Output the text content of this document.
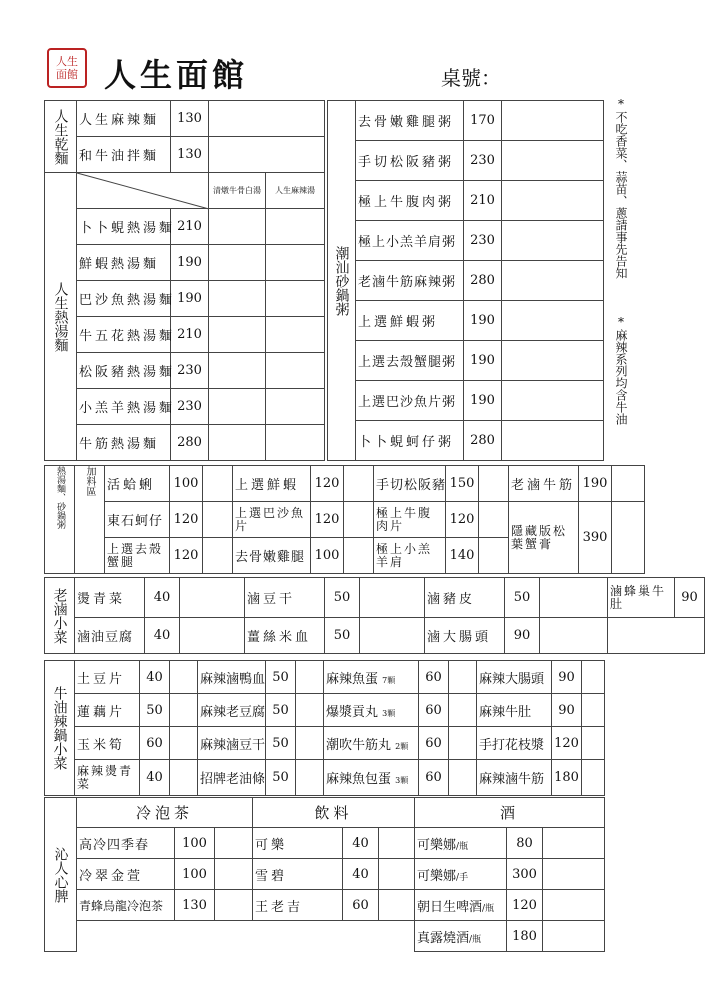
人生
面館 人生面館	桌號：
*不吃香菜、蒜苗、蔥請事先告知  *麻辣系列均含牛油
人生乾麵	人生麻辣麵	130		
	和牛油拌麵	130		
人生熱湯麵			清燉牛骨白湯	人生麻辣湯
	卜卜蜆熱湯麵	210		
	鮮蝦熱湯麵	190		
	巴沙魚熱湯麵	190		
	牛五花熱湯麵	210		
	松阪豬熱湯麵	230		
	小羔羊熱湯麵	230		
	牛筋熱湯麵	280		
潮汕砂鍋粥	去骨嫩雞腿粥	170	
	手切松阪豬粥	230	
	極上牛腹肉粥	210	
	極上小羔羊肩粥	230	
	老滷牛筋麻辣粥	280	
	上選鮮蝦粥	190	
	上選去殼蟹腿粥	190	
	上選巴沙魚片粥	190	
	卜卜蜆蚵仔粥	280	
熱湯麵、砂鍋粥	加料區	活蛤蜊	100		上選鮮蝦	120		手切松阪豬	150		老滷牛筋	190	
		東石蚵仔	120		上選巴沙魚片	120		極上牛腹肉片	120		隱藏版松葉蟹膏	390	
		上選去殼蟹腿	120		去骨嫩雞腿	100		極上小羔羊肩	140				
老滷小菜	燙青菜	40		滷豆干	50		滷豬皮	50		滷蜂巢牛肚	90
	滷油豆腐	40		薑絲米血	50		滷大腸頭	90			
牛油辣鍋小菜	土豆片	40		麻辣滷鴨血	50		麻辣魚蛋 7顆	60		麻辣大腸頭	90	
	蓮藕片	50		麻辣老豆腐	50		爆漿貢丸 3顆	60		麻辣牛肚	90	
	玉米筍	60		麻辣滷豆干	50		潮吹牛筋丸 2顆	60		手打花枝漿	120	
	麻辣燙青菜	40		招牌老油條	50		麻辣魚包蛋 3顆	60		麻辣滷牛筋	180	
沁人心脾	冷泡茶			飲料			酒		
	高冷四季春	100		可樂	40		可樂娜/瓶	80	
	冷翠金萱	100		雪碧	40		可樂娜/手	300	
	青蜂烏龍冷泡茶	130		王老吉	60		朝日生啤酒/瓶	120	
							真露燒酒/瓶	180	
